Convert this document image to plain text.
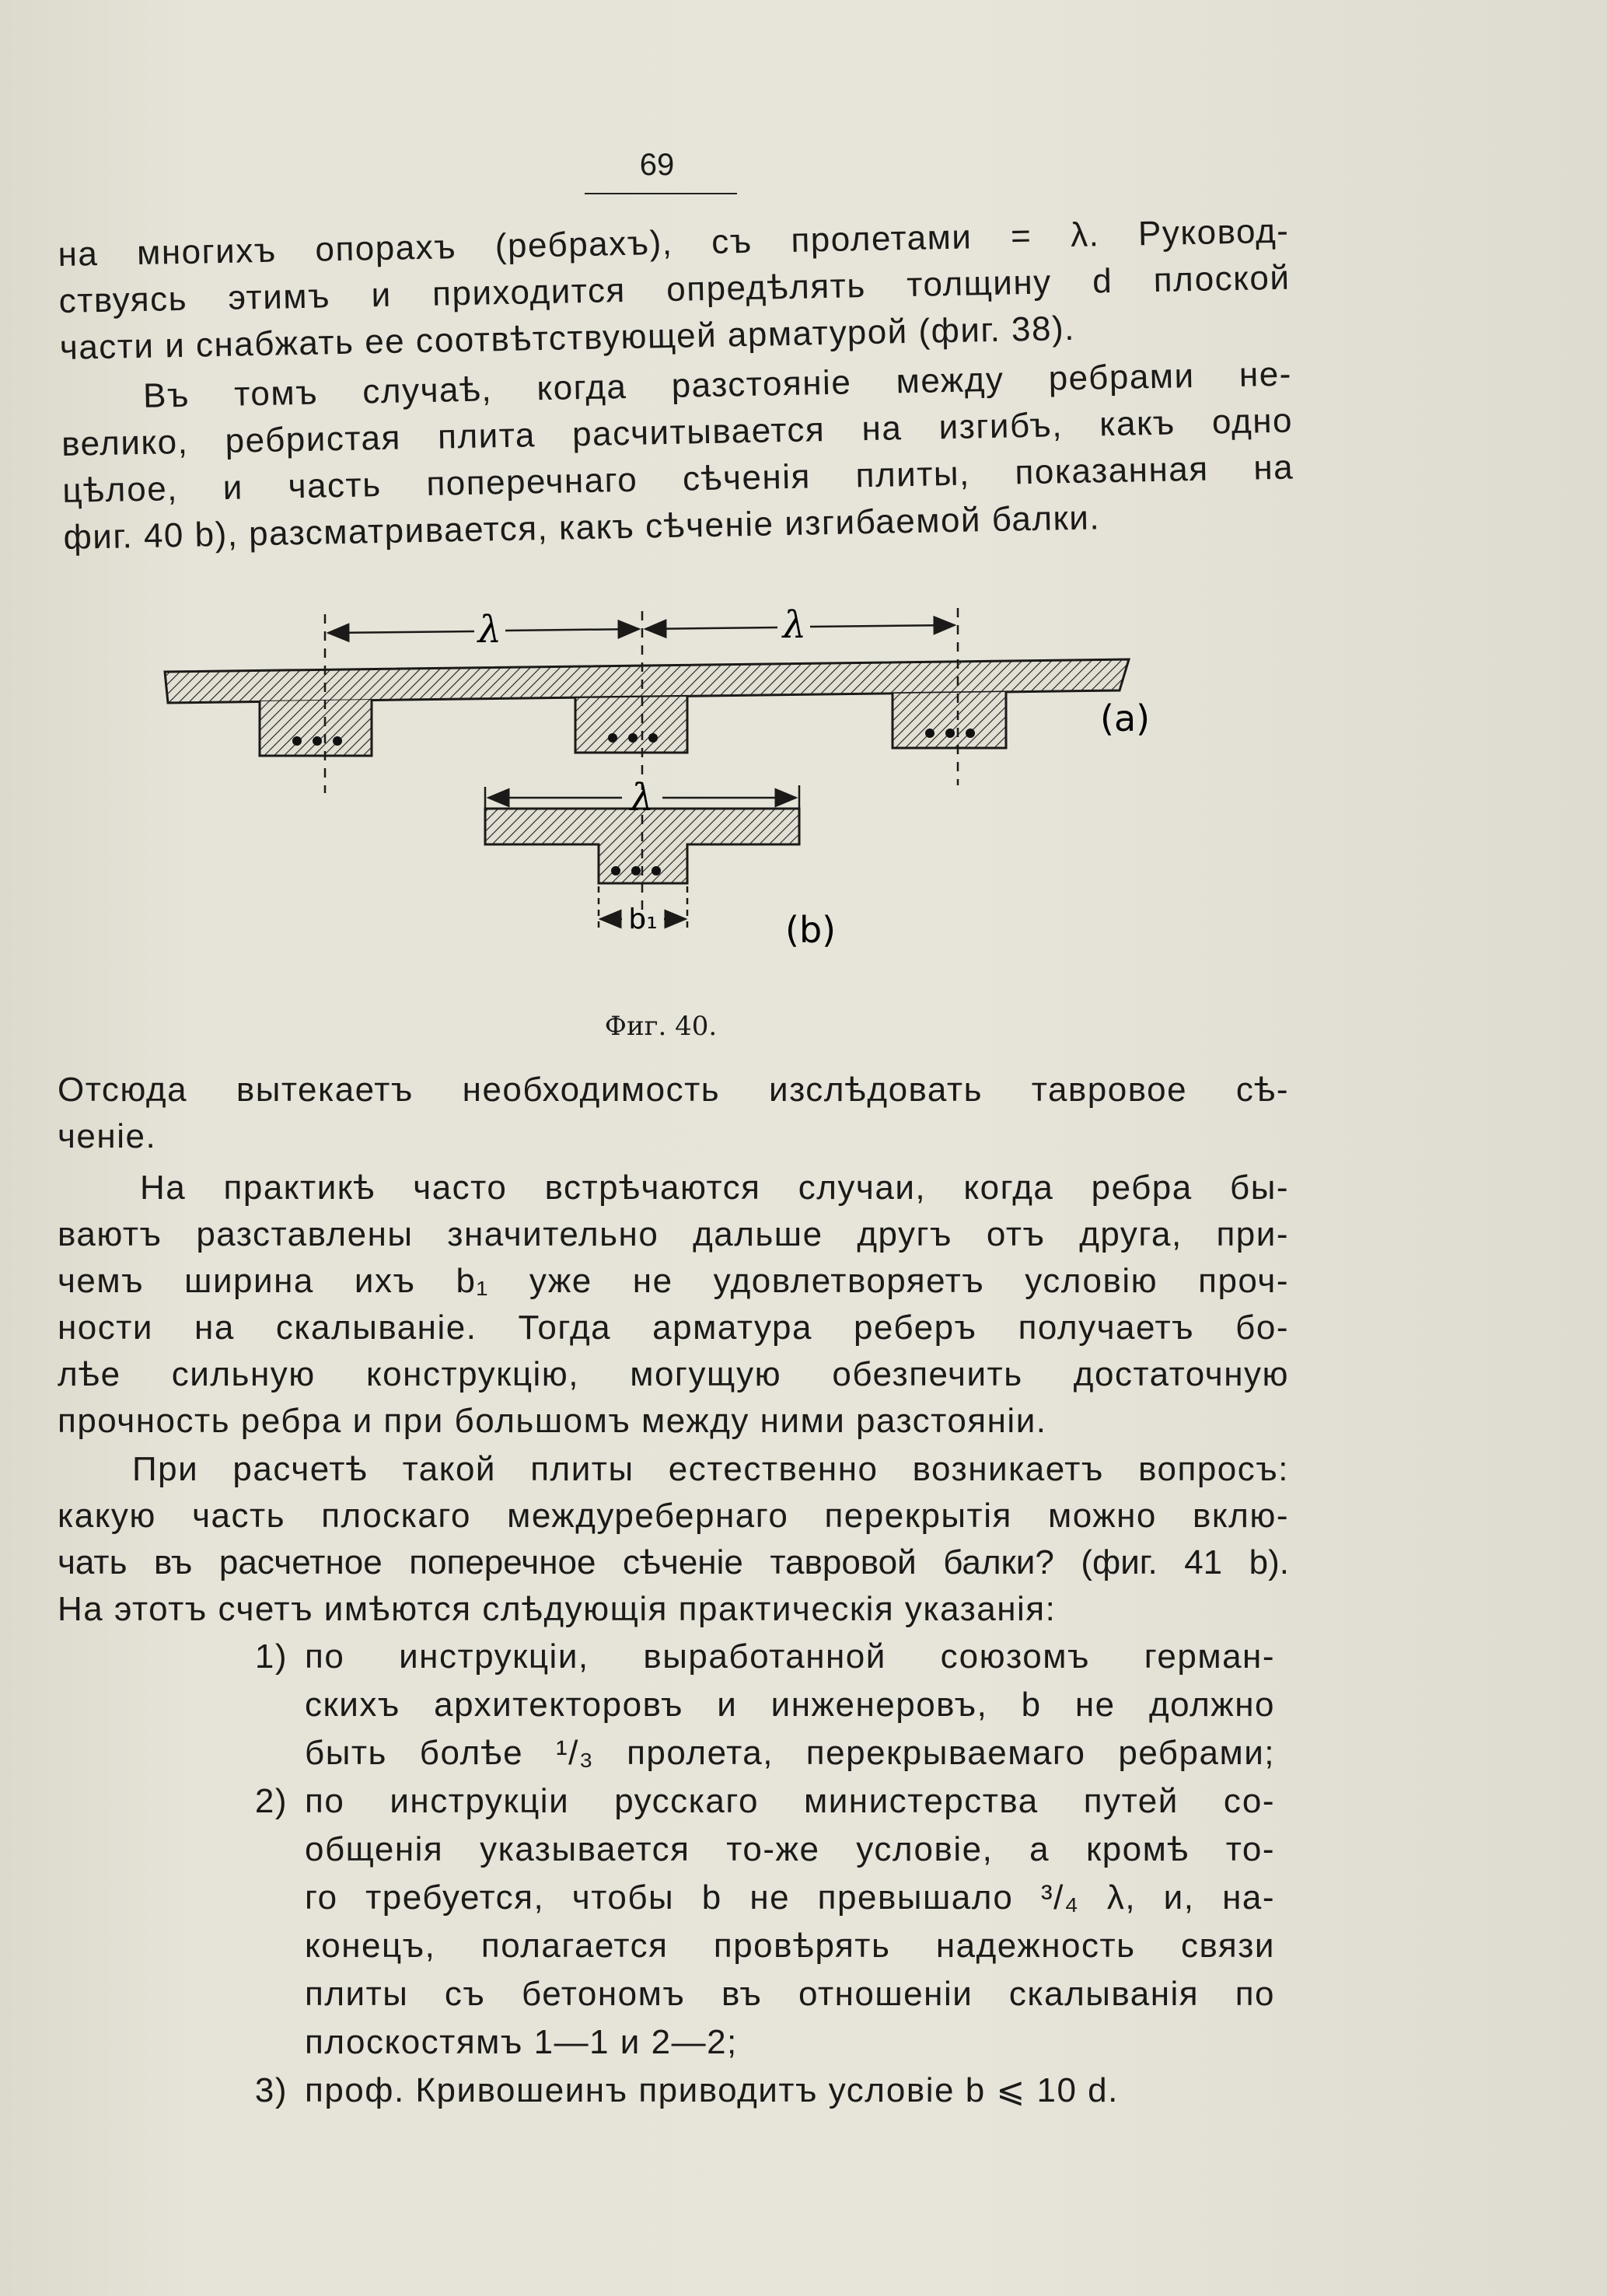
69
на многихъ опорахъ (ребрахъ), съ пролетами = λ. Руковод-
ствуясь этимъ и приходится опредѣлять толщину d плоской
части и снабжать ее соотвѣтствующей арматурой (фиг. 38).
Въ томъ случаѣ, когда разстояніе между ребрами не-
велико, ребристая плита расчитывается на изгибъ, какъ одно
цѣлое, и часть поперечнаго сѣченія плиты, показанная на
фиг. 40 b), разсматривается, какъ сѣченіе изгибаемой балки.
λ	λ
(a)
λ
b₁	(b)
Фиг. 40.
Отсюда вытекаетъ необходимость изслѣдовать тавровое сѣ-
ченіе.
На практикѣ часто встрѣчаются случаи, когда ребра бы-
ваютъ разставлены значительно дальше другъ отъ друга, при-
чемъ ширина ихъ b₁ уже не удовлетворяетъ условію проч-
ности на скалываніе. Тогда арматура реберъ получаетъ бо-
лѣе сильную конструкцію, могущую обезпечить достаточную
прочность ребра и при большомъ между ними разстояніи.
При расчетѣ такой плиты естественно возникаетъ вопросъ:
какую часть плоскаго междуребернаго перекрытія можно вклю-
чать въ расчетное поперечное сѣченіе тавровой балки? (фиг. 41 b).
На этотъ счетъ имѣются слѣдующія практическія указанія:
1) по инструкціи, выработанной союзомъ герман-
скихъ архитекторовъ и инженеровъ, b не должно
быть болѣе ¹/₃ пролета, перекрываемаго ребрами;
2) по инструкціи русскаго министерства путей со-
общенія указывается то-же условіе, а кромѣ то-
го требуется, чтобы b не превышало ³/₄ λ, и, на-
конецъ, полагается провѣрять надежность связи
плиты съ бетономъ въ отношеніи скалыванія по
плоскостямъ 1—1 и 2—2;
3) проф. Кривошеинъ приводитъ условіе b ⩽ 10 d.
